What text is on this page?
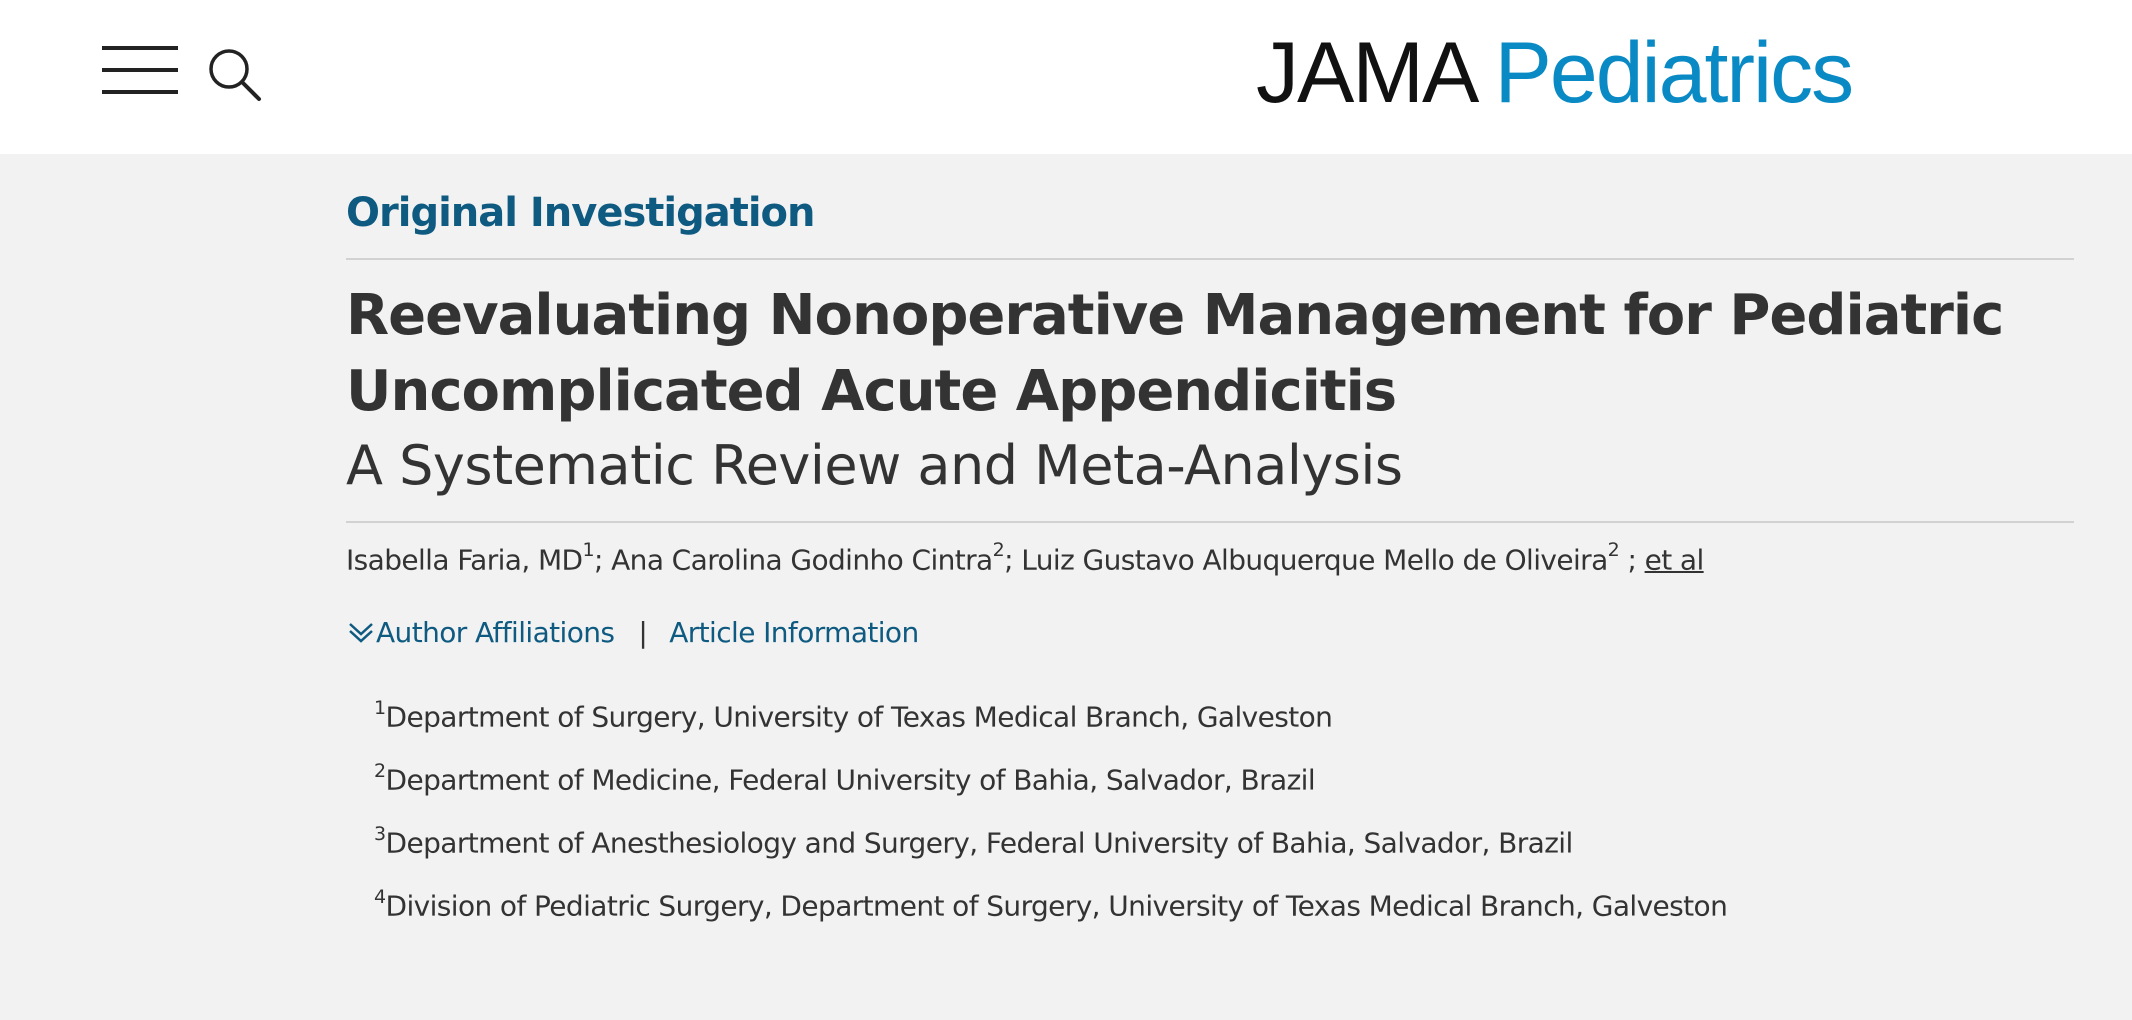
JAMA Pediatrics
Original Investigation
Reevaluating Nonoperative Management for Pediatric Uncomplicated Acute Appendicitis
A Systematic Review and Meta-Analysis
Isabella Faria, $MD^1$; Ana Carolina Godinho Cintra$^2$; Luiz Gustavo Albuquerque Mello de Oliveira$^2$ ; et al
Author Affiliations | Article Information
$^1$Department of Surgery, University of Texas Medical Branch, Galveston
$^2$Department of Medicine, Federal University of Bahia, Salvador, Brazil
$^3$Department of Anesthesiology and Surgery, Federal University of Bahia, Salvador, Brazil
$^4$Division of Pediatric Surgery, Department of Surgery, University of Texas Medical Branch, Galveston
